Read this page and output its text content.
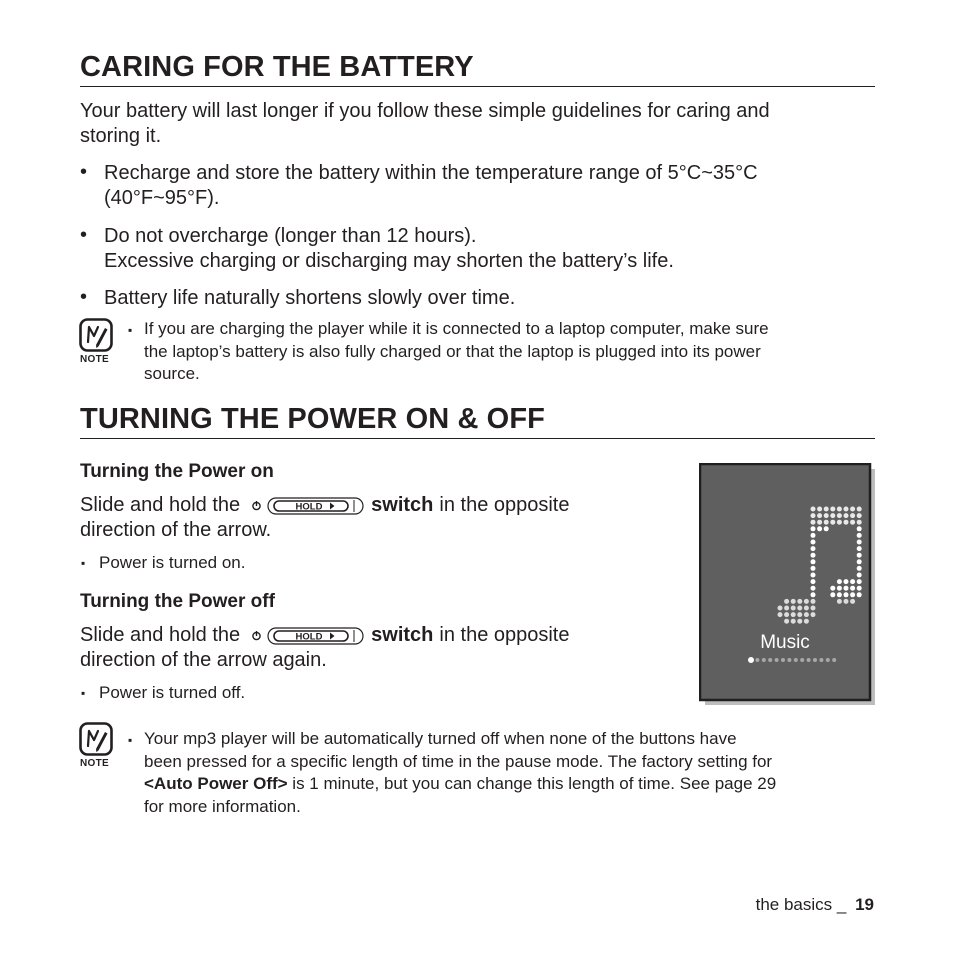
CARING FOR THE BATTERY
Your battery will last longer if you follow these simple guidelines for caring and
storing it.
• Recharge and store the battery within the temperature range of 5°C~35°C
(40°F~95°F).
• Do not overcharge (longer than 12 hours).
Excessive charging or discharging may shorten the battery’s life.
• Battery life naturally shortens slowly over time.
NOTE
▪ If you are charging the player while it is connected to a laptop computer, make sure
the laptop’s battery is also fully charged or that the laptop is plugged into its power
source.
TURNING THE POWER ON & OFF
Turning the Power on
Slide and hold the	HOLD switch in the opposite
direction of the arrow.
▪ Power is turned on.
Turning the Power off
Slide and hold the	HOLD switch in the opposite
direction of the arrow again.
▪ Power is turned off.
Music
NOTE
▪ Your mp3 player will be automatically turned off when none of the buttons have
been pressed for a specific length of time in the pause mode. The factory setting for
<Auto Power Off> is 1 minute, but you can change this length of time. See page 29
for more information.
the basics _ 19
